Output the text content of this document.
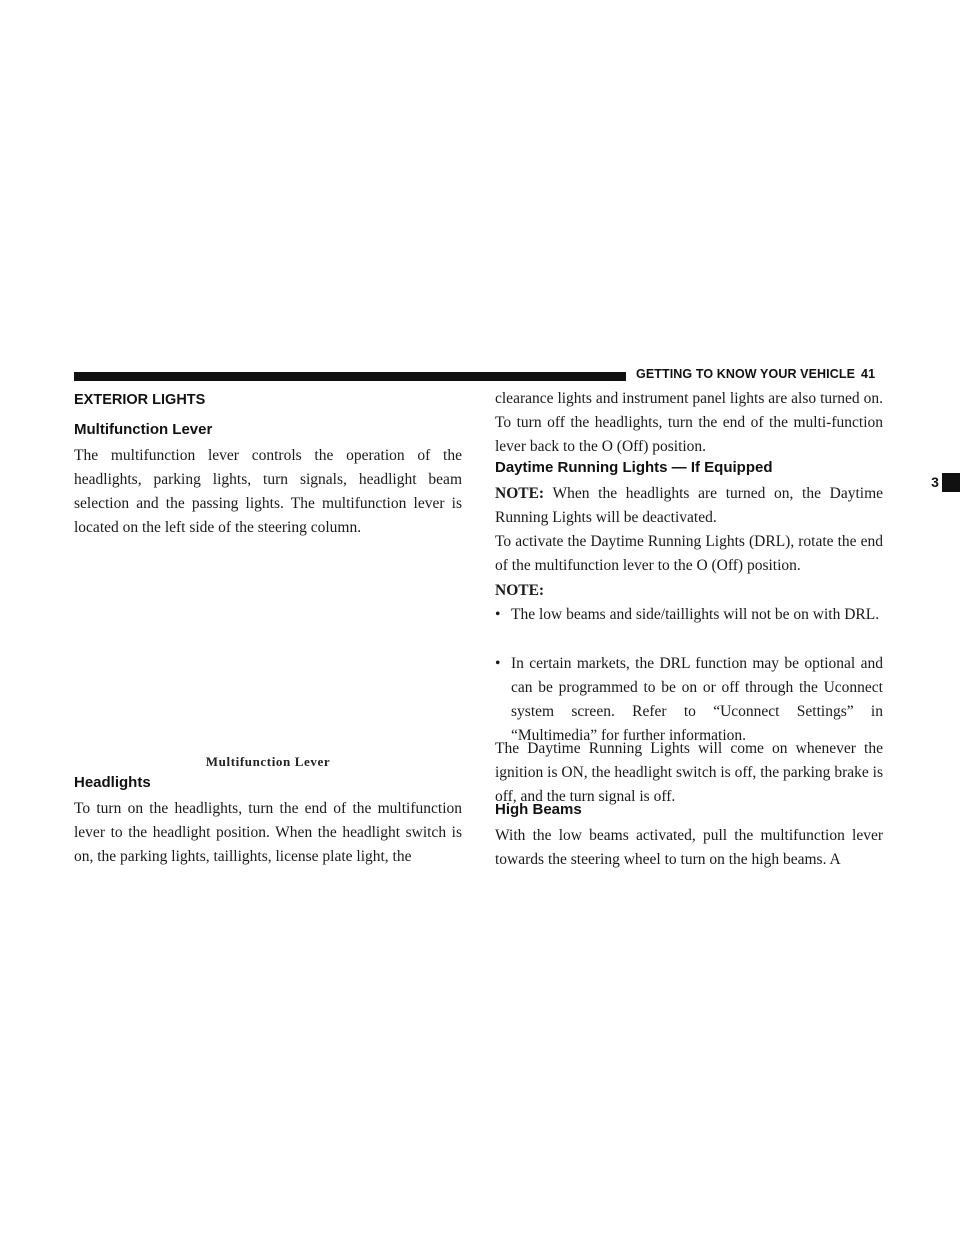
GETTING TO KNOW YOUR VEHICLE 41
3
EXTERIOR LIGHTS
Multifunction Lever

The multifunction lever controls the operation of the headlights, parking lights, turn signals, headlight beam selection and the passing lights. The multifunction lever is located on the left side of the steering column.

Multifunction Lever
Headlights

To turn on the headlights, turn the end of the multifunction lever to the headlight position. When the headlight switch is on, the parking lights, taillights, license plate light, the

clearance lights and instrument panel lights are also turned on. To turn off the headlights, turn the end of the multi-function lever back to the O (Off) position.

Daytime Running Lights — If Equipped

NOTE: When the headlights are turned on, the Daytime Running Lights will be deactivated.

To activate the Daytime Running Lights (DRL), rotate the end of the multifunction lever to the O (Off) position.

NOTE:

• The low beams and side/taillights will not be on with DRL.
• In certain markets, the DRL function may be optional and can be programmed to be on or off through the Uconnect system screen. Refer to “Uconnect Settings” in “Multimedia” for further information.

The Daytime Running Lights will come on whenever the ignition is ON, the headlight switch is off, the parking brake is off, and the turn signal is off.

High Beams

With the low beams activated, pull the multifunction lever towards the steering wheel to turn on the high beams. A
